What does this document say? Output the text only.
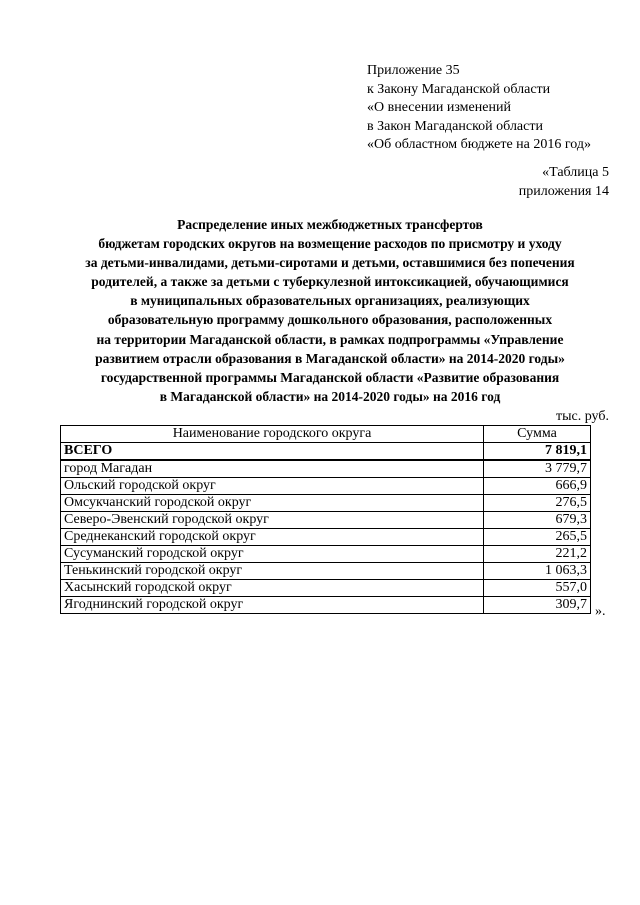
Приложение 35
к Закону Магаданской области
«О внесении изменений
в Закон Магаданской области
«Об областном бюджете на 2016 год»
«Таблица 5
приложения 14
Распределение иных межбюджетных трансфертов
бюджетам городских округов на возмещение расходов по присмотру и уходу
за детьми-инвалидами, детьми-сиротами и детьми, оставшимися без попечения
родителей, а также за детьми с туберкулезной интоксикацией, обучающимися
в муниципальных образовательных организациях, реализующих
образовательную программу дошкольного образования, расположенных
на территории Магаданской области, в рамках подпрограммы «Управление
развитием отрасли образования в Магаданской области» на 2014-2020 годы»
государственной программы Магаданской области «Развитие образования
в Магаданской области» на 2014-2020 годы» на 2016 год
тыс. руб.
Наименование городского округа	Сумма
ВСЕГО	7 819,1
город Магадан	3 779,7
Ольский городской округ	666,9
Омсукчанский городской округ	276,5
Северо-Эвенский городской округ	679,3
Среднеканский городской округ	265,5
Сусуманский городской округ	221,2
Тенькинский городской округ	1 063,3
Хасынский городской округ	557,0
Ягоднинский городской округ	309,7 ».
